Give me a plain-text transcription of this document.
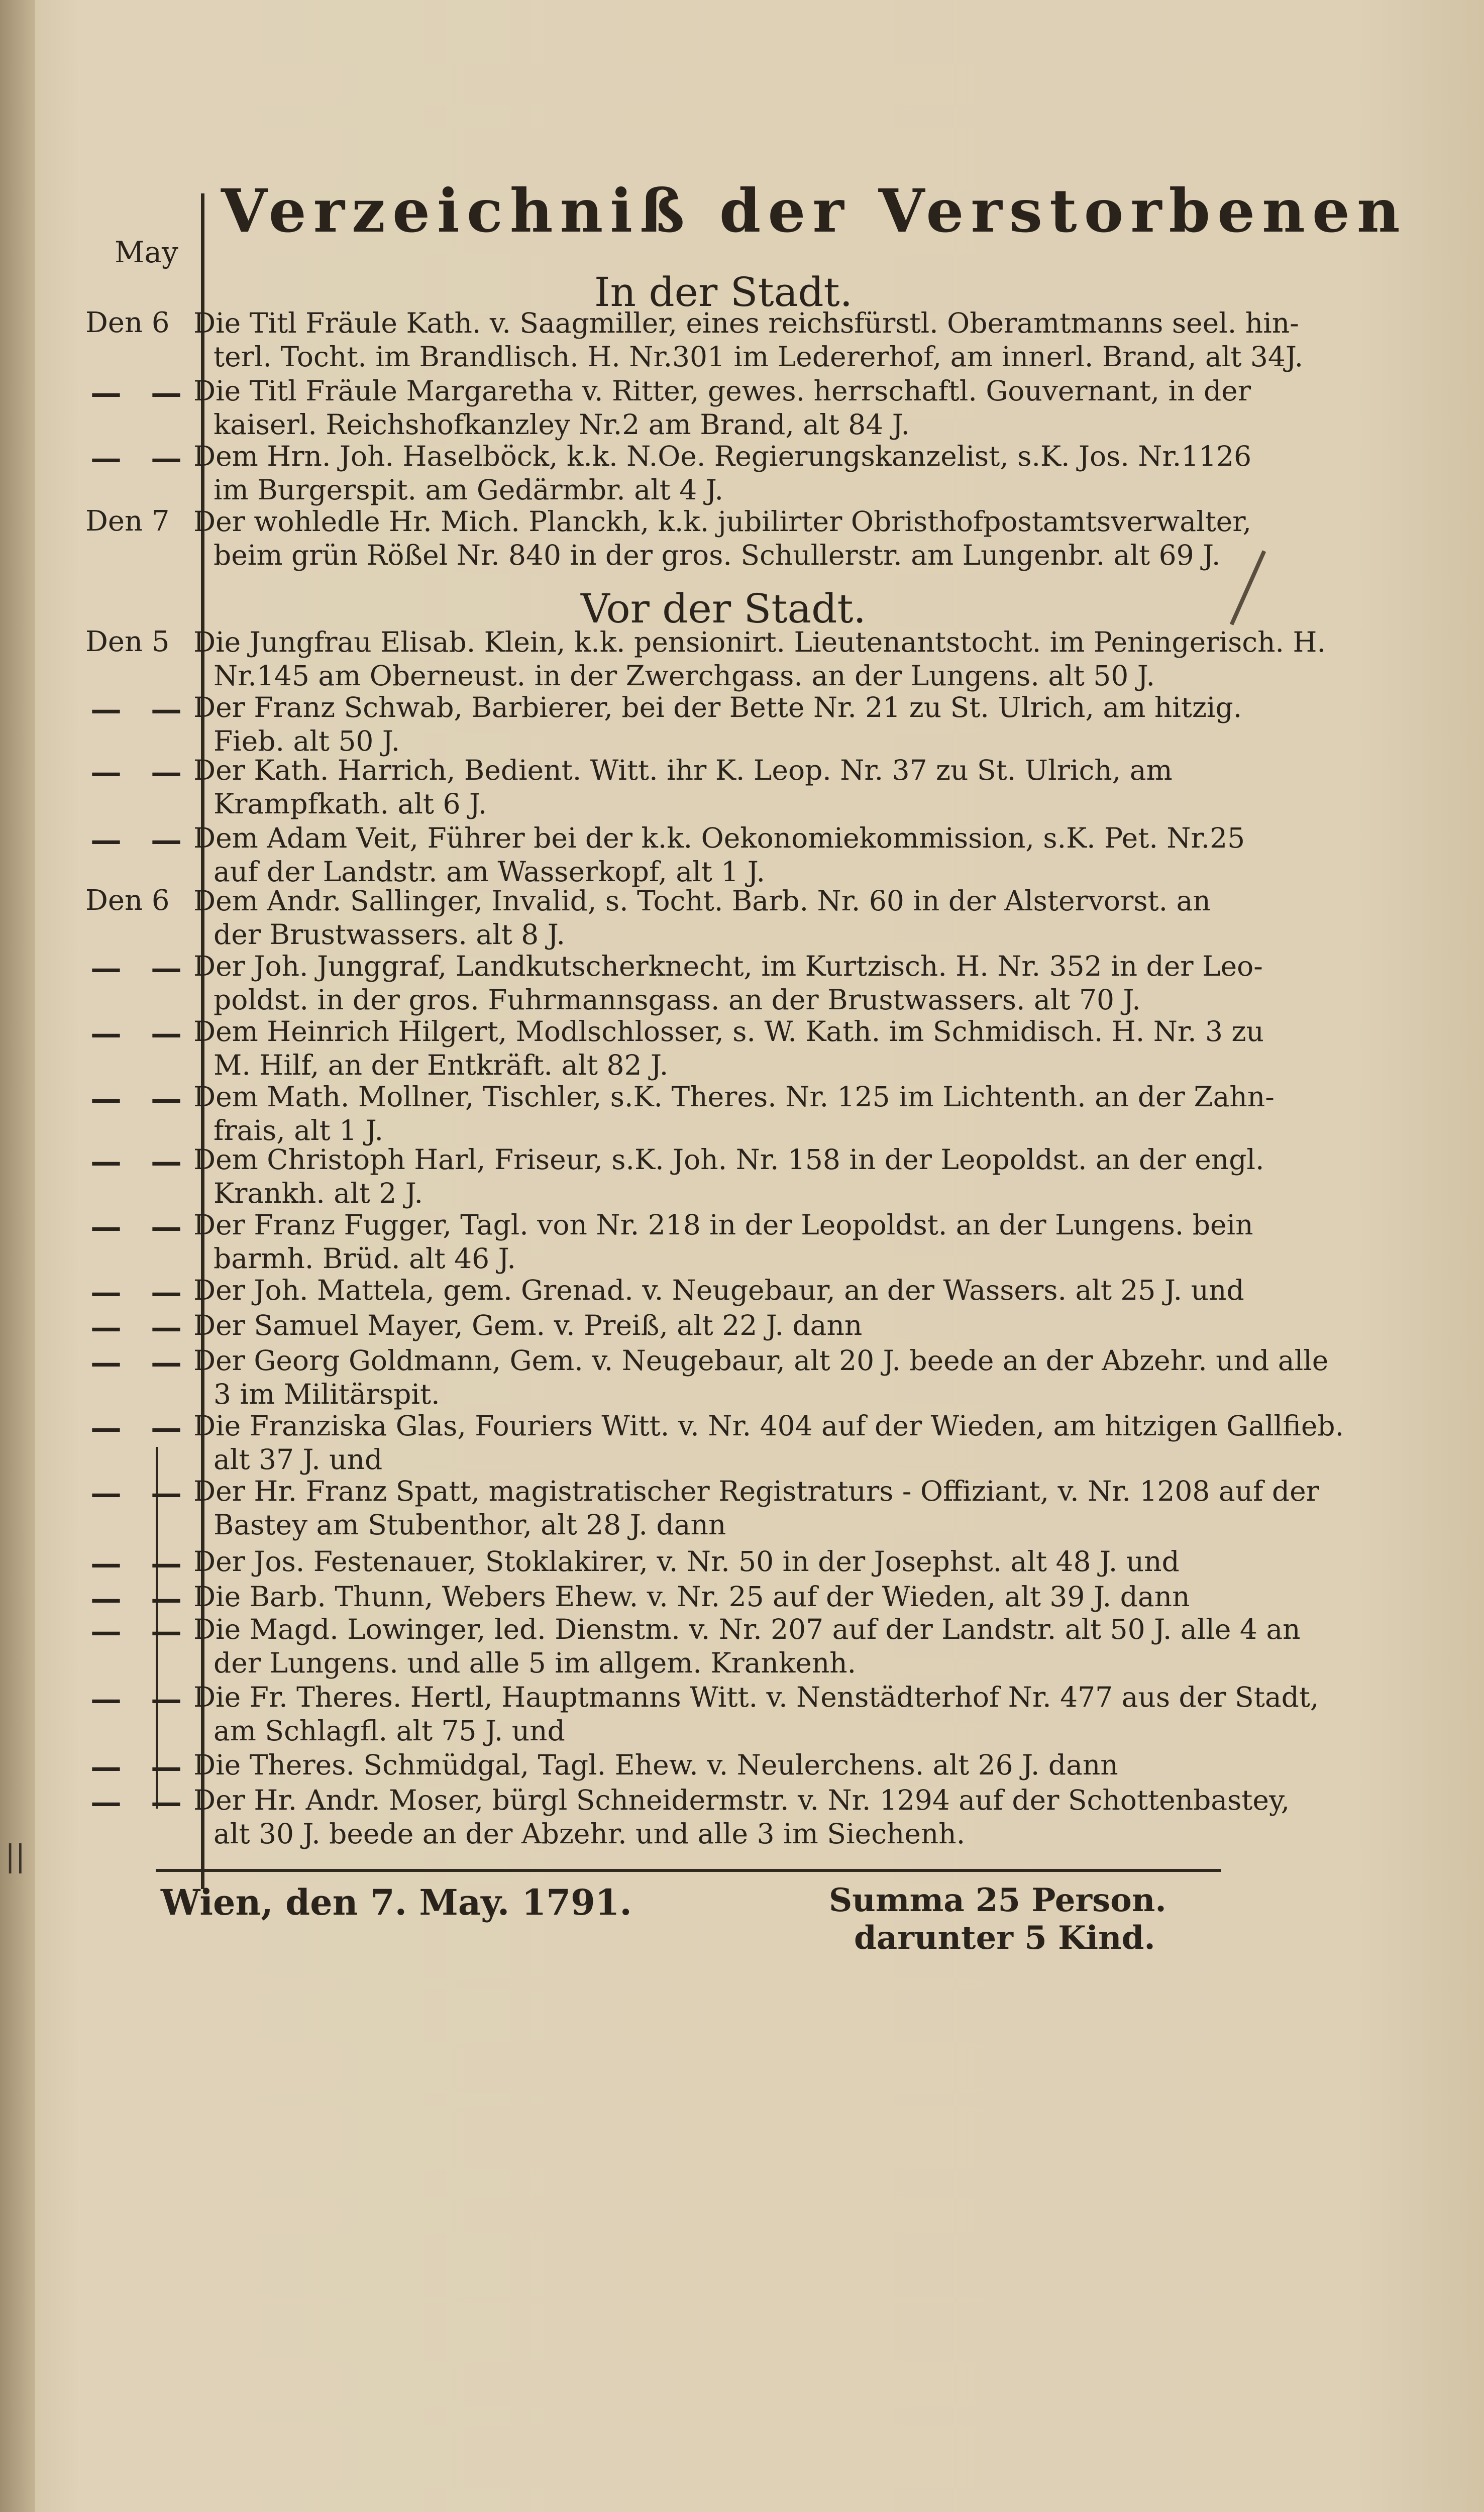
Verzeichniß der Verstorbenen
May
In der Stadt.
Vor der Stadt.
Den 6 Die Titl Fräule Kath. v. Saagmiller, eines reichsfürstl. Oberamtmanns seel. hin-
terl. Tocht. im Brandlisch. H. Nr.301 im Ledererhof, am innerl. Brand, alt 34J.
— — Die Titl Fräule Margaretha v. Ritter, gewes. herrschaftl. Gouvernant, in der
kaiserl. Reichshofkanzley Nr.2 am Brand, alt 84 J.
— — Dem Hrn. Joh. Haselböck, k.k. N.Oe. Regierungskanzelist, s.K. Jos. Nr.1126
im Burgerspit. am Gedärmbr. alt 4 J.
Den 7 Der wohledle Hr. Mich. Planckh, k.k. jubilirter Obristhofpostamtsverwalter,
beim grün Rößel Nr. 840 in der gros. Schullerstr. am Lungenbr. alt 69 J.
Den 5 Die Jungfrau Elisab. Klein, k.k. pensionirt. Lieutenantstocht. im Peningerisch. H.
Nr.145 am Oberneust. in der Zwerchgass. an der Lungens. alt 50 J.
— — Der Franz Schwab, Barbierer, bei der Bette Nr. 21 zu St. Ulrich, am hitzig.
Fieb. alt 50 J.
— — Der Kath. Harrich, Bedient. Witt. ihr K. Leop. Nr. 37 zu St. Ulrich, am
Krampfkath. alt 6 J.
— — Dem Adam Veit, Führer bei der k.k. Oekonomiekommission, s.K. Pet. Nr.25
auf der Landstr. am Wasserkopf, alt 1 J.
Den 6 Dem Andr. Sallinger, Invalid, s. Tocht. Barb. Nr. 60 in der Alstervorst. an
der Brustwassers. alt 8 J.
— — Der Joh. Junggraf, Landkutscherknecht, im Kurtzisch. H. Nr. 352 in der Leo-
poldst. in der gros. Fuhrmannsgass. an der Brustwassers. alt 70 J.
— — Dem Heinrich Hilgert, Modlschlosser, s. W. Kath. im Schmidisch. H. Nr. 3 zu
M. Hilf, an der Entkräft. alt 82 J.
— — Dem Math. Mollner, Tischler, s.K. Theres. Nr. 125 im Lichtenth. an der Zahn-
frais, alt 1 J.
— — Dem Christoph Harl, Friseur, s.K. Joh. Nr. 158 in der Leopoldst. an der engl.
Krankh. alt 2 J.
— — Der Franz Fugger, Tagl. von Nr. 218 in der Leopoldst. an der Lungens. bein
barmh. Brüd. alt 46 J.
— — Der Joh. Mattela, gem. Grenad. v. Neugebaur, an der Wassers. alt 25 J. und
— — Der Samuel Mayer, Gem. v. Preiß, alt 22 J. dann
— — Der Georg Goldmann, Gem. v. Neugebaur, alt 20 J. beede an der Abzehr. und alle
3 im Militärspit.
— — Die Franziska Glas, Fouriers Witt. v. Nr. 404 auf der Wieden, am hitzigen Gallfieb.
alt 37 J. und
— — Der Hr. Franz Spatt, magistratischer Registraturs - Offiziant, v. Nr. 1208 auf der
Bastey am Stubenthor, alt 28 J. dann
— — Der Jos. Festenauer, Stoklakirer, v. Nr. 50 in der Josephst. alt 48 J. und
— — Die Barb. Thunn, Webers Ehew. v. Nr. 25 auf der Wieden, alt 39 J. dann
— — Die Magd. Lowinger, led. Dienstm. v. Nr. 207 auf der Landstr. alt 50 J. alle 4 an
der Lungens. und alle 5 im allgem. Krankenh.
— — Die Fr. Theres. Hertl, Hauptmanns Witt. v. Nenstädterhof Nr. 477 aus der Stadt,
am Schlagfl. alt 75 J. und
— — Die Theres. Schmüdgal, Tagl. Ehew. v. Neulerchens. alt 26 J. dann
— — Der Hr. Andr. Moser, bürgl Schneidermstr. v. Nr. 1294 auf der Schottenbastey,
alt 30 J. beede an der Abzehr. und alle 3 im Siechenh.
||
Wien, den 7. May. 1791.	Summa 25 Person.
darunter 5 Kind.
